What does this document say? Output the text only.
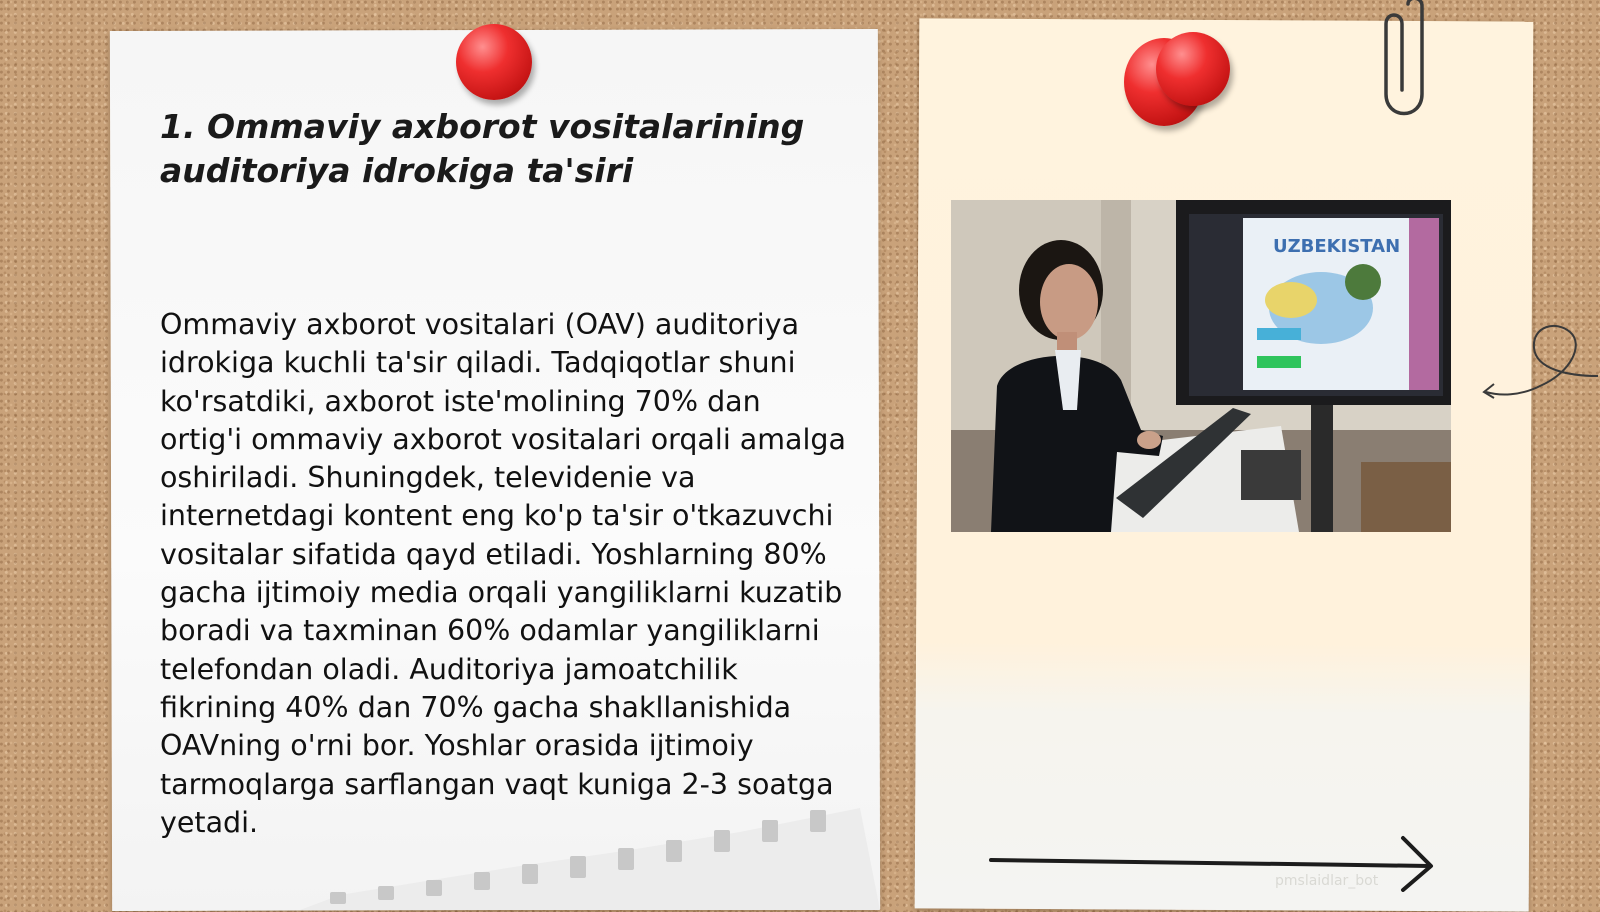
1. Ommaviy axborot vositalarining auditoriya idrokiga ta'siri

Ommaviy axborot vositalari (OAV) auditoriya idrokiga kuchli ta'sir qiladi. Tadqiqotlar shuni ko'rsatdiki, axborot iste'molining 70% dan ortig'i ommaviy axborot vositalari orqali amalga oshiriladi. Shuningdek, televidenie va internetdagi kontent eng ko'p ta'sir o'tkazuvchi vositalar sifatida qayd etiladi. Yoshlarning 80% gacha ijtimoiy media orqali yangiliklarni kuzatib boradi va taxminan 60% odamlar yangiliklarni telefondan oladi. Auditoriya jamoatchilik fikrining 40% dan 70% gacha shakllanishida OAVning o'rni bor. Yoshlar orasida ijtimoiy tarmoqlarga sarflangan vaqt kuniga 2-3 soatga yetadi.

UZBEKISTAN
pmslaidlar_bot
